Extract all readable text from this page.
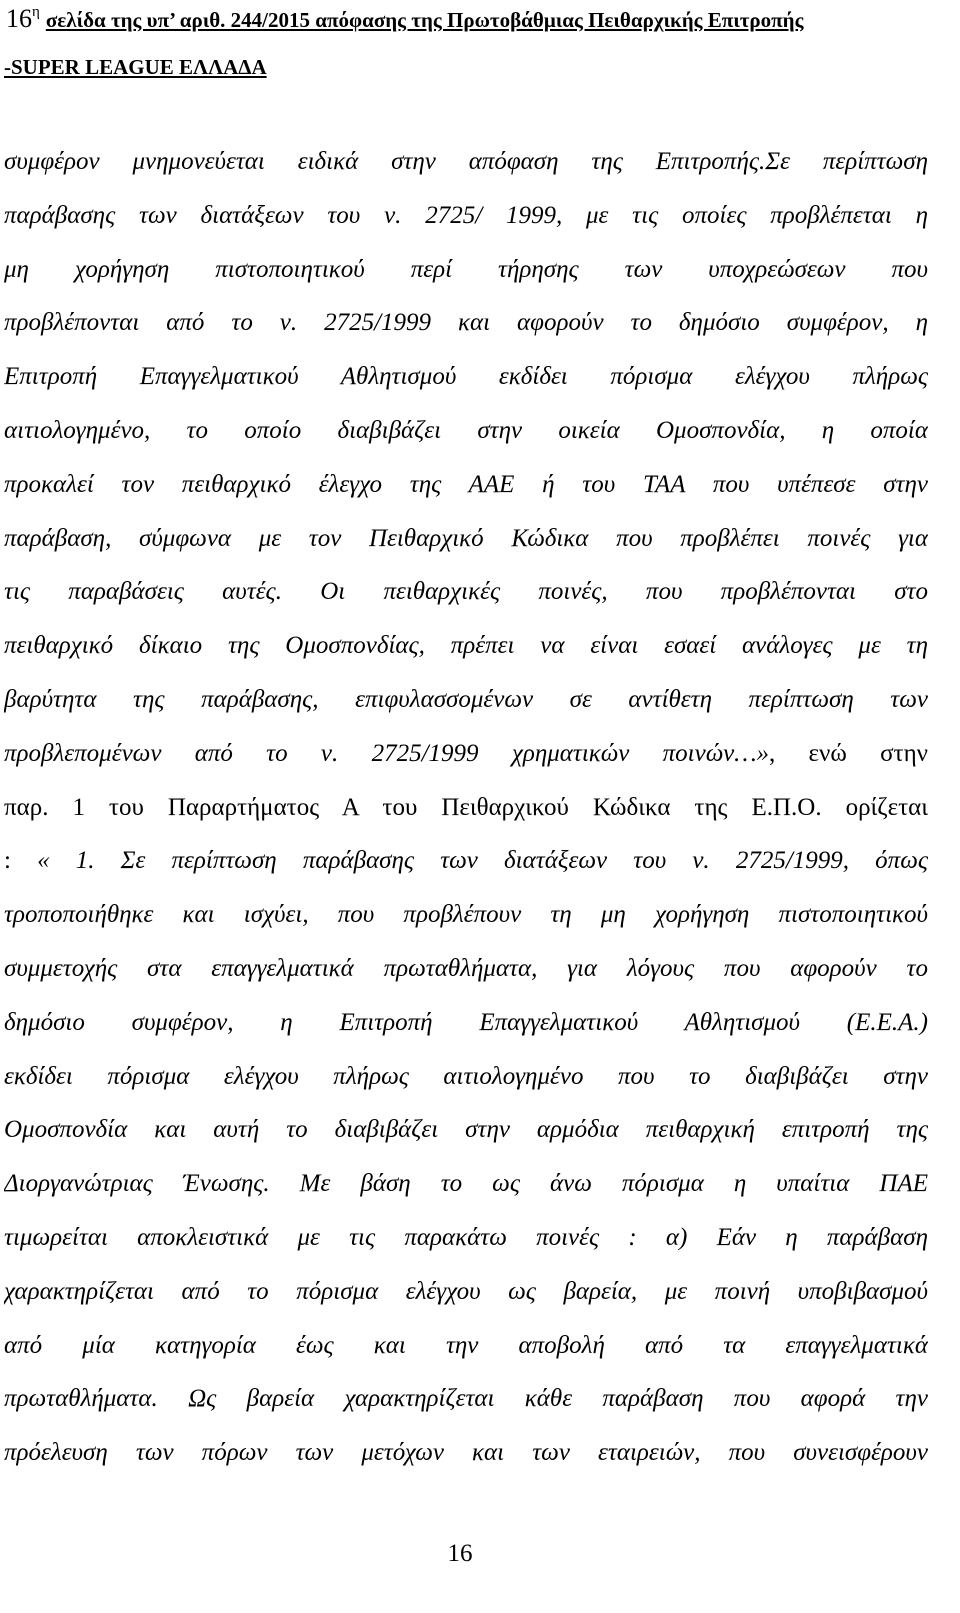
$16^\eta$ σελίδα της υπ’ αριθ. 244/2015 απόφασης της Πρωτοβάθμιας Πειθαρχικής Επιτροπής
-SUPER LEAGUE ΕΛΛΑΔΑ
συμφέρον μνημονεύεται ειδικά στην απόφαση της Επιτροπής.Σε περίπτωση
παράβασης των διατάξεων του ν. 2725/ 1999, με τις οποίες προβλέπεται η
μη χορήγηση πιστοποιητικού περί τήρησης των υποχρεώσεων που
προβλέπονται από το ν. 2725/1999 και αφορούν το δημόσιο συμφέρον, η
Επιτροπή Επαγγελματικού Αθλητισμού εκδίδει πόρισμα ελέγχου πλήρως
αιτιολογημένο, το οποίο διαβιβάζει στην οικεία Ομοσπονδία, η οποία
προκαλεί τον πειθαρχικό έλεγχο της ΑΑΕ ή του ΤΑΑ που υπέπεσε στην
παράβαση, σύμφωνα με τον Πειθαρχικό Κώδικα που προβλέπει ποινές για
τις παραβάσεις αυτές. Οι πειθαρχικές ποινές, που προβλέπονται στο
πειθαρχικό δίκαιο της Ομοσπονδίας, πρέπει να είναι εσαεί ανάλογες με τη
βαρύτητα της παράβασης, επιφυλασσομένων σε αντίθετη περίπτωση των
προβλεπομένων από το ν. 2725/1999 χρηματικών ποινών…», ενώ στην
παρ. 1 του Παραρτήματος Α του Πειθαρχικού Κώδικα της Ε.Π.Ο. ορίζεται
: « 1. Σε περίπτωση παράβασης των διατάξεων του ν. 2725/1999, όπως
τροποποιήθηκε και ισχύει, που προβλέπουν τη μη χορήγηση πιστοποιητικού
συμμετοχής στα επαγγελματικά πρωταθλήματα, για λόγους που αφορούν το
δημόσιο συμφέρον, η Επιτροπή Επαγγελματικού Αθλητισμού (Ε.Ε.Α.)
εκδίδει πόρισμα ελέγχου πλήρως αιτιολογημένο που το διαβιβάζει στην
Ομοσπονδία και αυτή το διαβιβάζει στην αρμόδια πειθαρχική επιτροπή της
Διοργανώτριας Ένωσης. Με βάση το ως άνω πόρισμα η υπαίτια ΠΑΕ
τιμωρείται αποκλειστικά με τις παρακάτω ποινές : α) Εάν η παράβαση
χαρακτηρίζεται από το πόρισμα ελέγχου ως βαρεία, με ποινή υποβιβασμού
από μία κατηγορία έως και την αποβολή από τα επαγγελματικά
πρωταθλήματα. Ως βαρεία χαρακτηρίζεται κάθε παράβαση που αφορά την
πρόελευση των πόρων των μετόχων και των εταιρειών, που συνεισφέρουν
16
